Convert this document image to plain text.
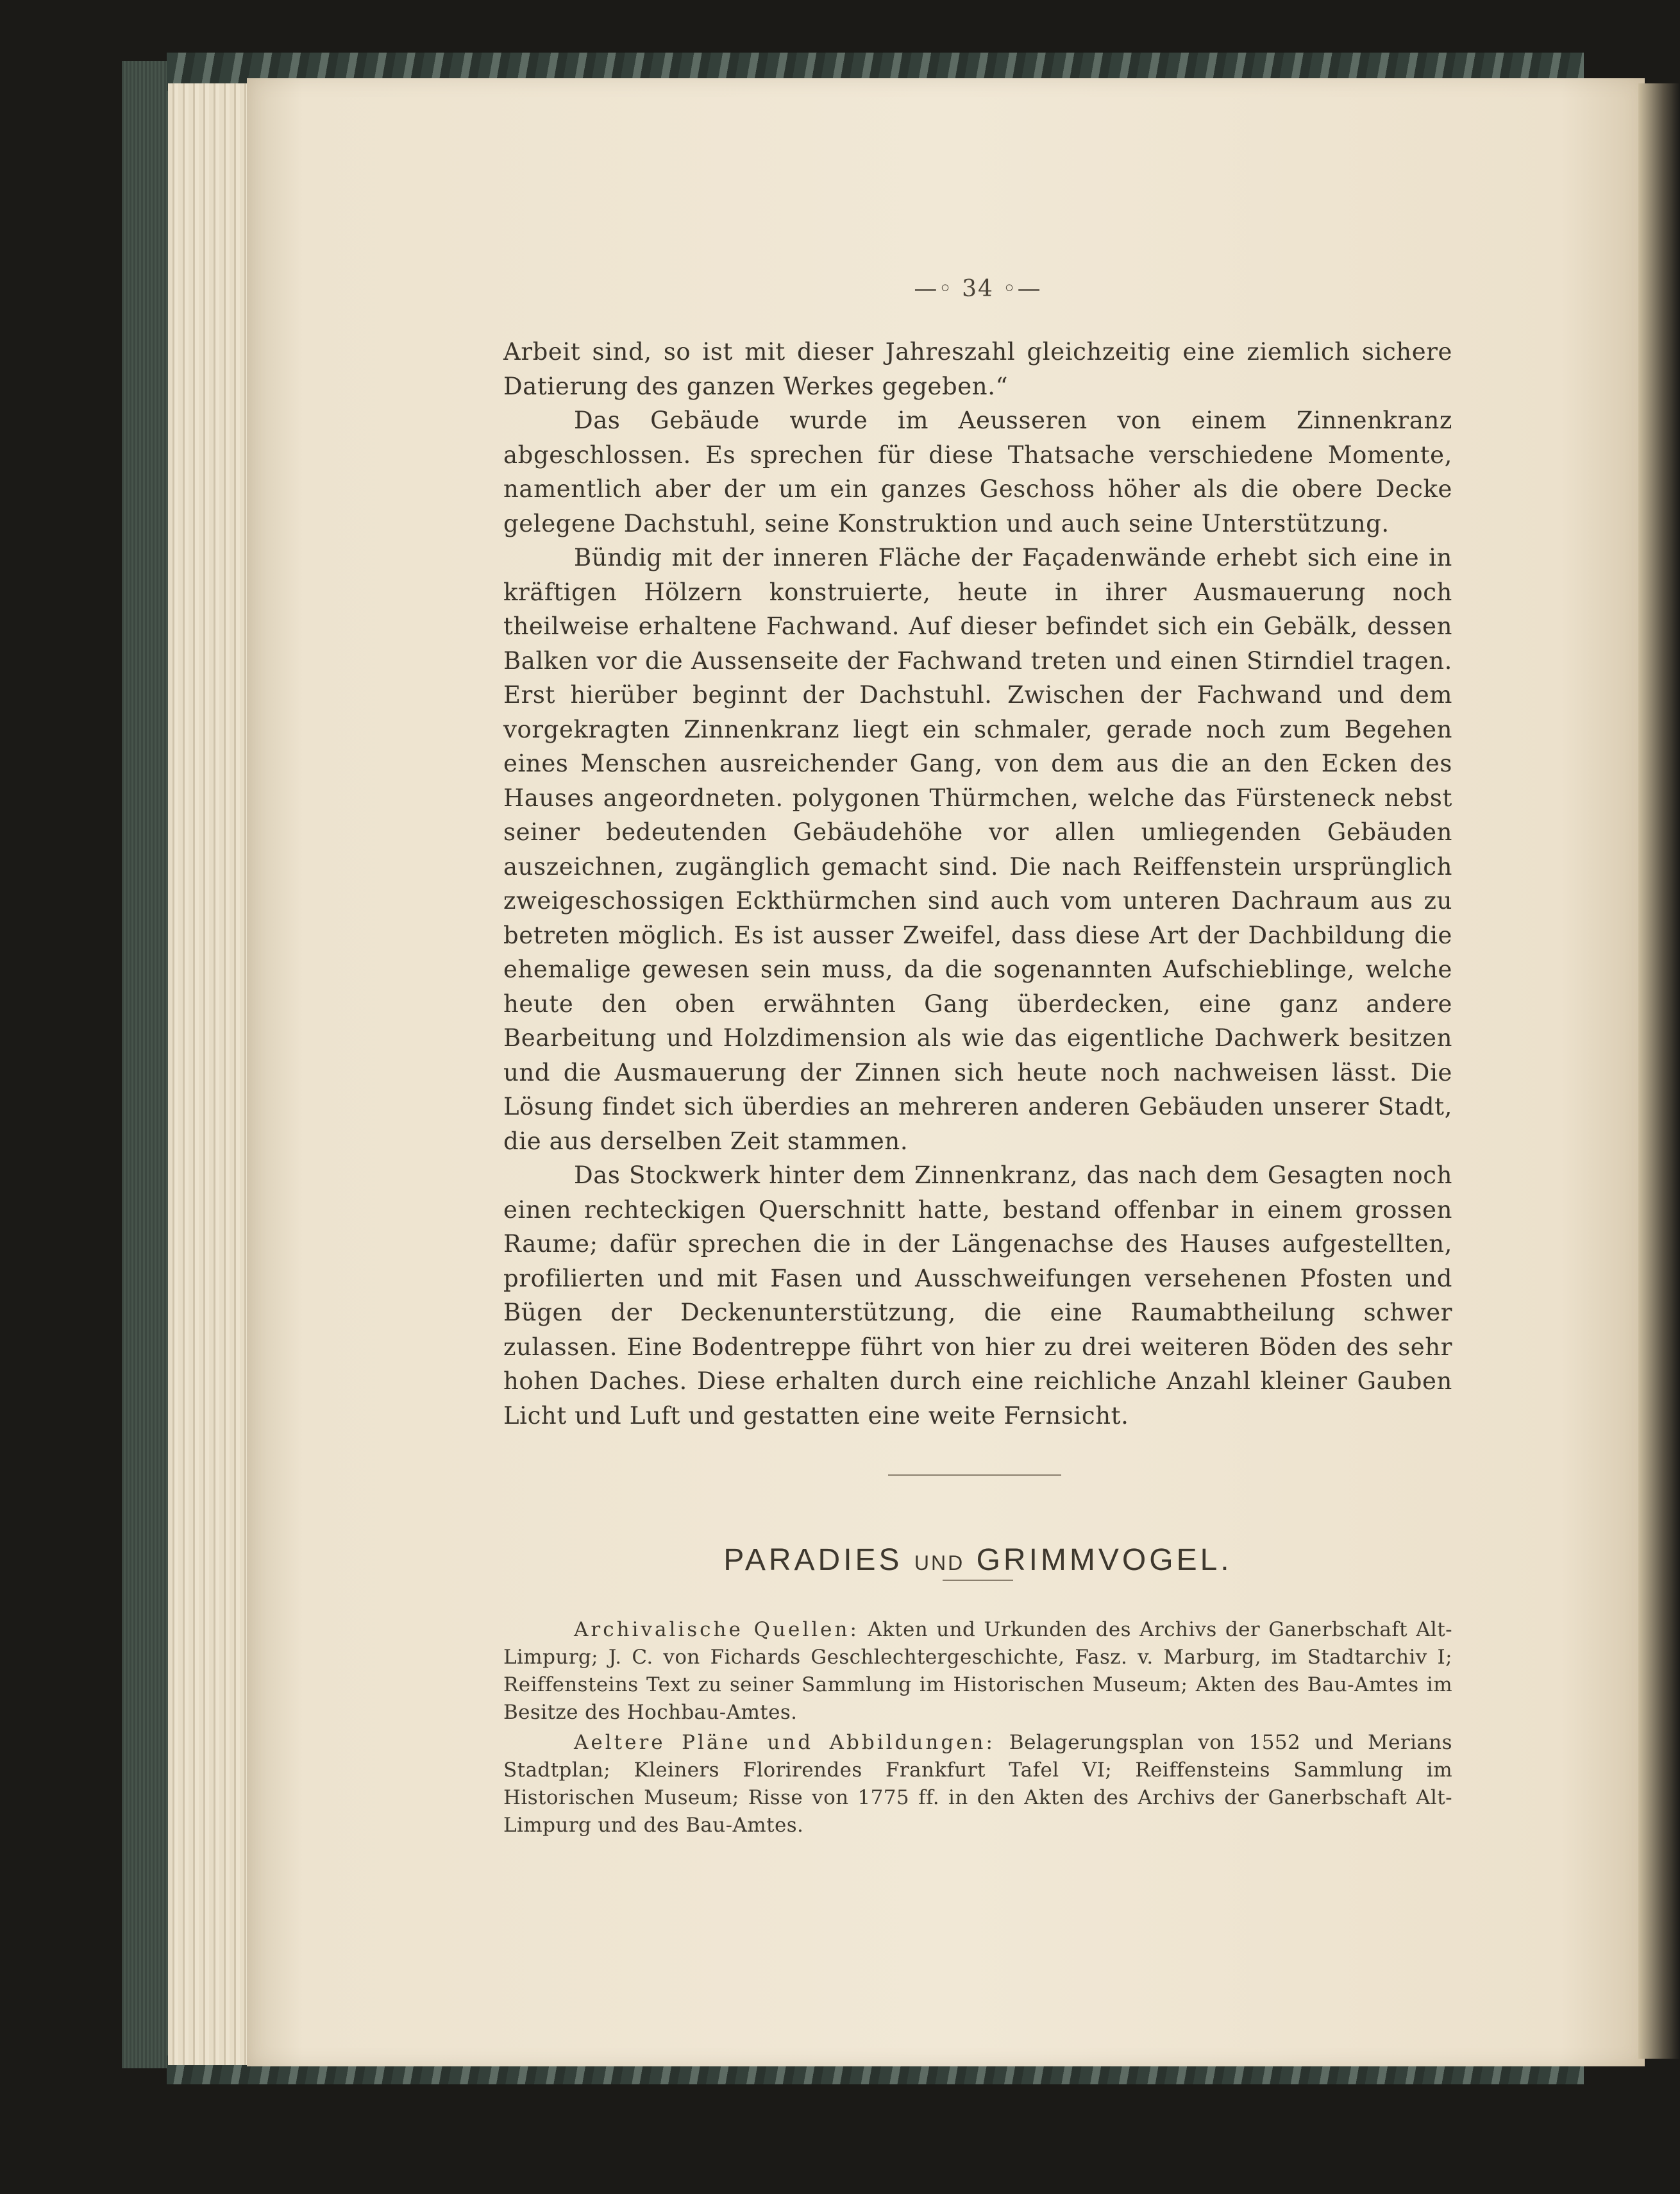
—◦ 34 ◦—

Arbeit sind, so ist mit dieser Jahreszahl gleichzeitig eine ziemlich sichere Datierung des ganzen Werkes gegeben.“

Das Gebäude wurde im Aeusseren von einem Zinnenkranz abgeschlossen. Es sprechen für diese Thatsache verschiedene Momente, namentlich aber der um ein ganzes Geschoss höher als die obere Decke gelegene Dachstuhl, seine Konstruktion und auch seine Unterstützung.

Bündig mit der inneren Fläche der Façadenwände erhebt sich eine in kräftigen Hölzern konstruierte, heute in ihrer Ausmauerung noch theilweise erhaltene Fachwand. Auf dieser befindet sich ein Gebälk, dessen Balken vor die Aussenseite der Fachwand treten und einen Stirndiel tragen. Erst hierüber beginnt der Dachstuhl. Zwischen der Fachwand und dem vorgekragten Zinnenkranz liegt ein schmaler, gerade noch zum Begehen eines Menschen ausreichender Gang, von dem aus die an den Ecken des Hauses angeordneten. polygonen Thürmchen, welche das Fürsteneck nebst seiner bedeutenden Gebäudehöhe vor allen umliegenden Gebäuden auszeichnen, zugänglich gemacht sind. Die nach Reiffenstein ursprünglich zweigeschossigen Eckthürmchen sind auch vom unteren Dachraum aus zu betreten möglich. Es ist ausser Zweifel, dass diese Art der Dachbildung die ehemalige gewesen sein muss, da die sogenannten Aufschieblinge, welche heute den oben erwähnten Gang überdecken, eine ganz andere Bearbeitung und Holzdimension als wie das eigentliche Dachwerk besitzen und die Ausmauerung der Zinnen sich heute noch nachweisen lässt. Die Lösung findet sich überdies an mehreren anderen Gebäuden unserer Stadt, die aus derselben Zeit stammen.

Das Stockwerk hinter dem Zinnenkranz, das nach dem Gesagten noch einen rechteckigen Querschnitt hatte, bestand offenbar in einem grossen Raume; dafür sprechen die in der Längenachse des Hauses aufgestellten, profilierten und mit Fasen und Ausschweifungen versehenen Pfosten und Bügen der Deckenunterstützung, die eine Raumabtheilung schwer zulassen. Eine Bodentreppe führt von hier zu drei weiteren Böden des sehr hohen Daches. Diese erhalten durch eine reichliche Anzahl kleiner Gauben Licht und Luft und gestatten eine weite Fernsicht.

PARADIES UND GRIMMVOGEL.

Archivalische Quellen: Akten und Urkunden des Archivs der Ganerbschaft Alt-Limpurg; J. C. von Fichards Geschlechtergeschichte, Fasz. v. Marburg, im Stadtarchiv I; Reiffensteins Text zu seiner Sammlung im Historischen Museum; Akten des Bau-Amtes im Besitze des Hochbau-Amtes.

Aeltere Pläne und Abbildungen: Belagerungsplan von 1552 und Merians Stadtplan; Kleiners Florirendes Frankfurt Tafel VI; Reiffensteins Sammlung im Historischen Museum; Risse von 1775 ff. in den Akten des Archivs der Ganerbschaft Alt-Limpurg und des Bau-Amtes.
